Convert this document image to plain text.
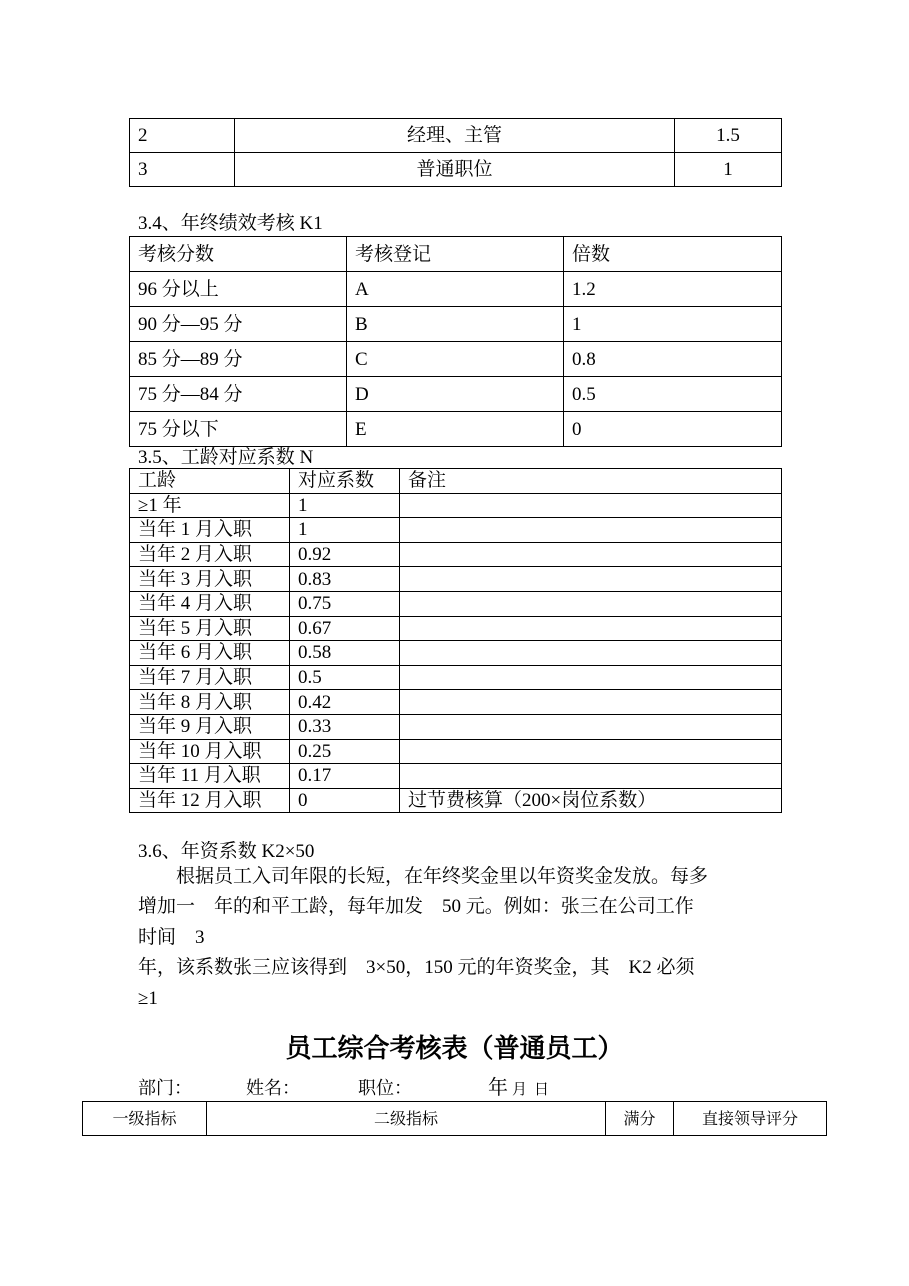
2	经理、主管	1.5
3	普通职位	1
3.4、年终绩效考核 K1
考核分数	考核登记	倍数
96 分以上	A	1.2
90 分—95 分	B	1
85 分—89 分	C	0.8
75 分—84 分	D	0.5
75 分以下	E	0
3.5、工龄对应系数 N
工龄	对应系数	备注
≥1 年	1	
当年 1 月入职	1	
当年 2 月入职	0.92	
当年 3 月入职	0.83	
当年 4 月入职	0.75	
当年 5 月入职	0.67	
当年 6 月入职	0.58	
当年 7 月入职	0.5	
当年 8 月入职	0.42	
当年 9 月入职	0.33	
当年 10 月入职	0.25	
当年 11 月入职	0.17	
当年 12 月入职	0	过节费核算（200×岗位系数）
3.6、年资系数 K2×50
　　根据员工入司年限的长短，在年终奖金里以年资奖金发放。每多
增加一　年的和平工龄，每年加发　50 元。例如：张三在公司工作
时间　3
年，该系数张三应该得到　3×50，150 元的年资奖金，其　K2 必须
≥1
员工综合考核表（普通员工）
部门：	姓名：	职位：	年 月 日
一级指标	二级指标	满分	直接领导评分
